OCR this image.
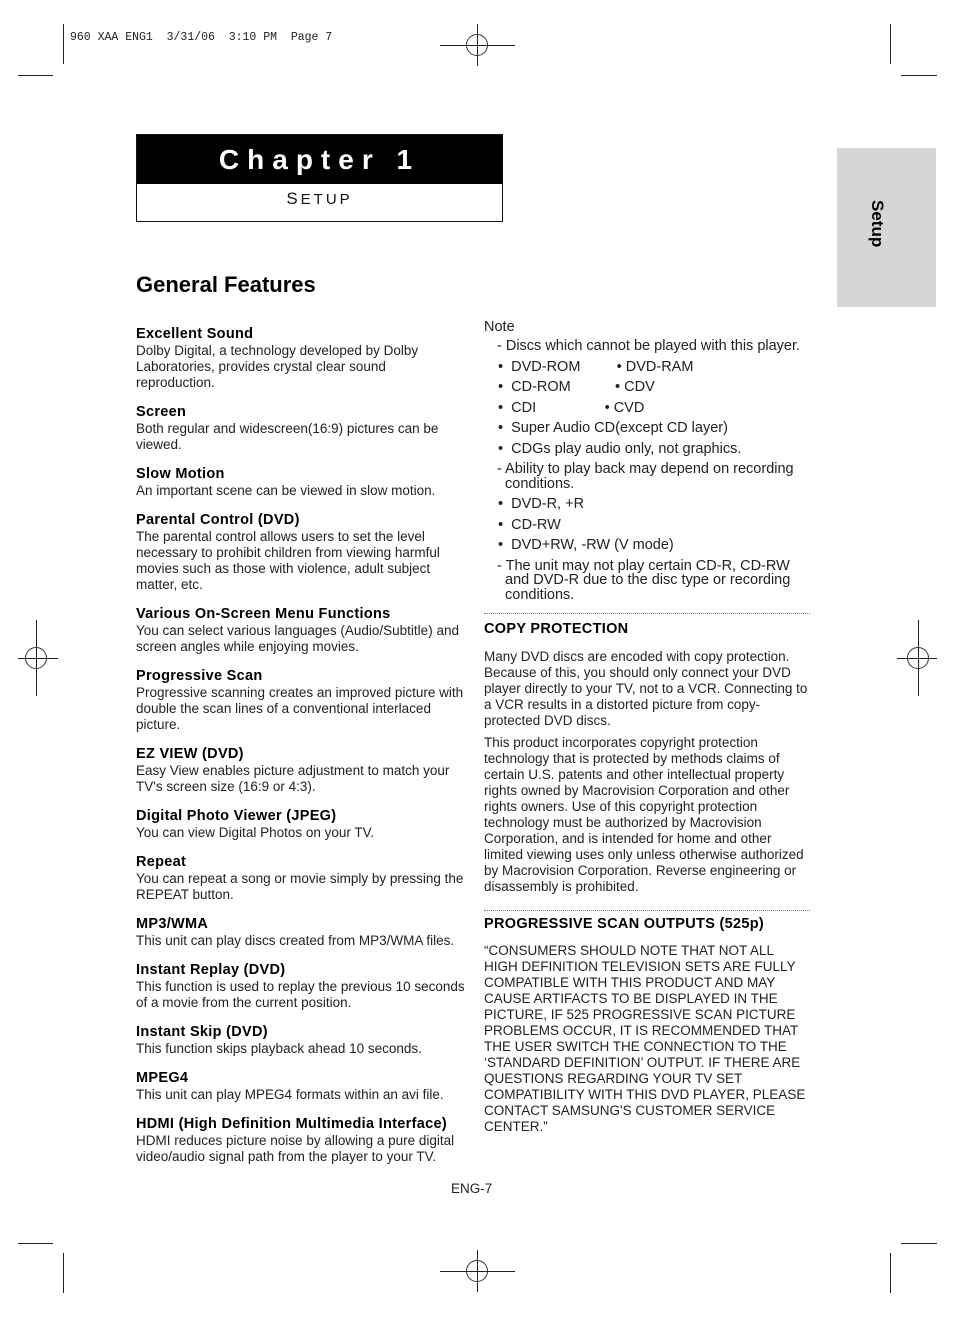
960 XAA ENG1  3/31/06  3:10 PM  Page 7
Chapter 1
SETUP
Setup
General Features
Excellent Sound

Dolby Digital, a technology developed by Dolby Laboratories, provides crystal clear sound reproduction.

Screen

Both regular and widescreen(16:9) pictures can be viewed.

Slow Motion

An important scene can be viewed in slow motion.

Parental Control (DVD)

The parental control allows users to set the level necessary to prohibit children from viewing harmful movies such as those with violence, adult subject matter, etc.

Various On-Screen Menu Functions

You can select various languages (Audio/Subtitle) and screen angles while enjoying movies.

Progressive Scan

Progressive scanning creates an improved picture with double the scan lines of a conventional interlaced picture.

EZ VIEW (DVD)

Easy View enables picture adjustment to match your TV's screen size (16:9 or 4:3).

Digital Photo Viewer (JPEG)

You can view Digital Photos on your TV.

Repeat

You can repeat a song or movie simply by pressing the REPEAT button.

MP3/WMA

This unit can play discs created from MP3/WMA files.

Instant Replay (DVD)

This function is used to replay the previous 10 seconds of a movie from the current position.

Instant Skip (DVD)

This function skips playback ahead 10 seconds.

MPEG4

This unit can play MPEG4 formats within an avi file.

HDMI (High Definition Multimedia Interface)

HDMI reduces picture noise by allowing a pure digital video/audio signal path from the player to your TV.

Note
- Discs which cannot be played with this player.
•  DVD-ROM         • DVD-RAM
•  CD-ROM           • CDV
•  CDI                 • CVD
•  Super Audio CD(except CD layer)
•  CDGs play audio only, not graphics.
- Ability to play back may depend on recording conditions.
•  DVD-R, +R
•  CD-RW
•  DVD+RW, -RW (V mode)
- The unit may not play certain CD-R, CD-RW and DVD-R due to the disc type or recording conditions.
COPY PROTECTION
Many DVD discs are encoded with copy protection. Because of this, you should only connect your DVD player directly to your TV, not to a VCR. Connecting to a VCR results in a distorted picture from copy-protected DVD discs.
This product incorporates copyright protection technology that is protected by methods claims of certain U.S. patents and other intellectual property rights owned by Macrovision Corporation and other rights owners. Use of this copyright protection technology must be authorized by Macrovision Corporation, and is intended for home and other limited viewing uses only unless otherwise authorized by Macrovision Corporation. Reverse engineering or disassembly is prohibited.
PROGRESSIVE SCAN OUTPUTS (525p)
“CONSUMERS SHOULD NOTE THAT NOT ALL HIGH DEFINITION TELEVISION SETS ARE FULLY COMPATIBLE WITH THIS PRODUCT AND MAY CAUSE ARTIFACTS TO BE DISPLAYED IN THE PICTURE, IF 525 PROGRESSIVE SCAN PICTURE PROBLEMS OCCUR, IT IS RECOMMENDED THAT THE USER SWITCH THE CONNECTION TO THE ‘STANDARD DEFINITION’ OUTPUT. IF THERE ARE QUESTIONS REGARDING YOUR TV SET COMPATIBILITY WITH THIS DVD PLAYER, PLEASE CONTACT SAMSUNG'S CUSTOMER SERVICE CENTER.”
ENG-7
